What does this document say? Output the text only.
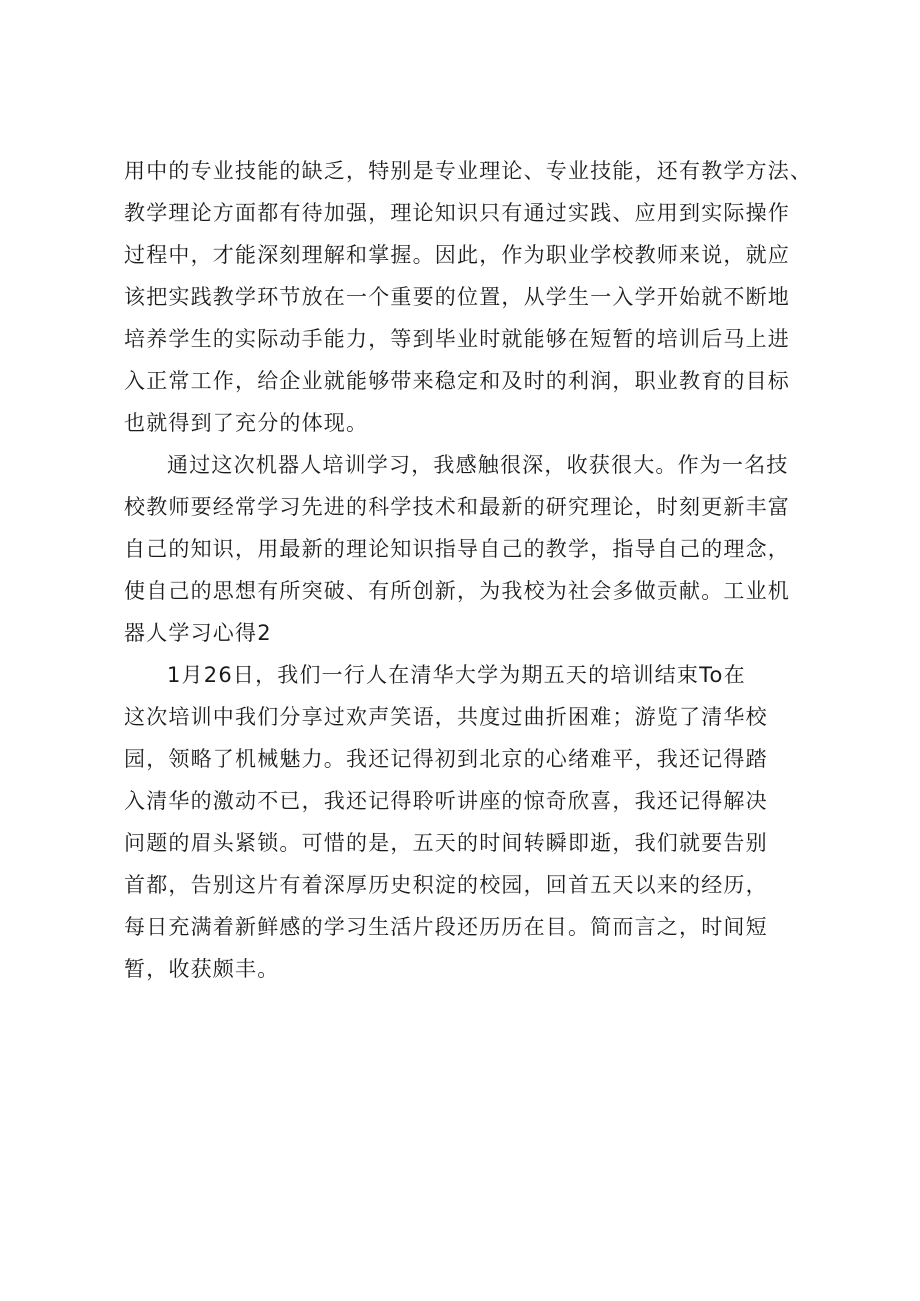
用中的专业技能的缺乏，特别是专业理论、专业技能，还有教学方法、
教学理论方面都有待加强，理论知识只有通过实践、应用到实际操作
过程中，才能深刻理解和掌握。因此，作为职业学校教师来说，就应
该把实践教学环节放在一个重要的位置，从学生一入学开始就不断地
培养学生的实际动手能力，等到毕业时就能够在短暂的培训后马上进
入正常工作，给企业就能够带来稳定和及时的利润，职业教育的目标
也就得到了充分的体现。
通过这次机器人培训学习，我感触很深，收获很大。作为一名技
校教师要经常学习先进的科学技术和最新的研究理论，时刻更新丰富
自己的知识，用最新的理论知识指导自己的教学，指导自己的理念，
使自己的思想有所突破、有所创新，为我校为社会多做贡献。工业机
器人学习心得2
1月26日，我们一行人在清华大学为期五天的培训结束To在
这次培训中我们分享过欢声笑语，共度过曲折困难；游览了清华校
园，领略了机械魅力。我还记得初到北京的心绪难平，我还记得踏
入清华的激动不已，我还记得聆听讲座的惊奇欣喜，我还记得解决
问题的眉头紧锁。可惜的是，五天的时间转瞬即逝，我们就要告别
首都，告别这片有着深厚历史积淀的校园，回首五天以来的经历，
每日充满着新鲜感的学习生活片段还历历在目。简而言之，时间短
暂，收获颇丰。
